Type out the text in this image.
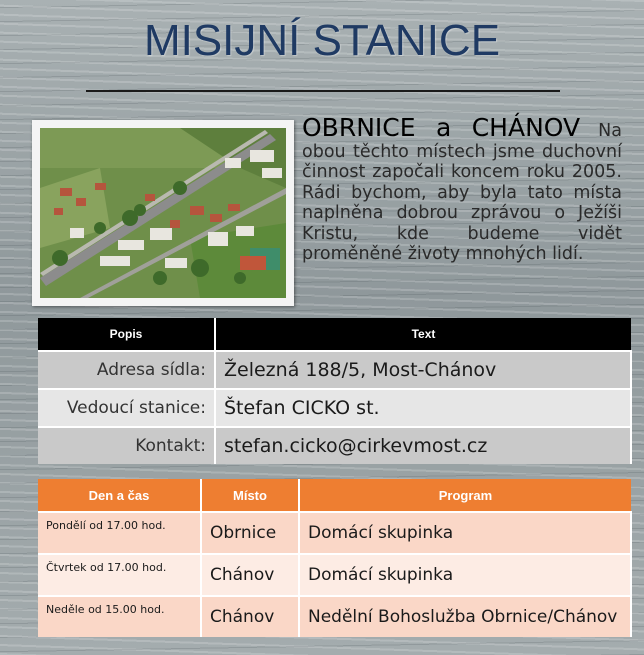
MISIJNÍ STANICE

OBRNICE a CHÁNOV Na obou těchto místech jsme duchovní činnost započali koncem roku 2005. Rádi bychom, aby byla tato místa naplněna dobrou zprávou o Ježíši Kristu, kde budeme vidět proměněné životy mnohých lidí.

Popis	Text
Adresa sídla:	Železná 188/5, Most-Chánov
Vedoucí stanice:	Štefan CICKO st.
Kontakt:	stefan.cicko@cirkevmost.cz
Den a čas	Místo	Program
Pondělí od 17.00 hod.	Obrnice	Domácí skupinka
Čtvrtek od 17.00 hod.	Chánov	Domácí skupinka
Neděle od 15.00 hod.	Chánov	Nedělní Bohoslužba Obrnice/Chánov
